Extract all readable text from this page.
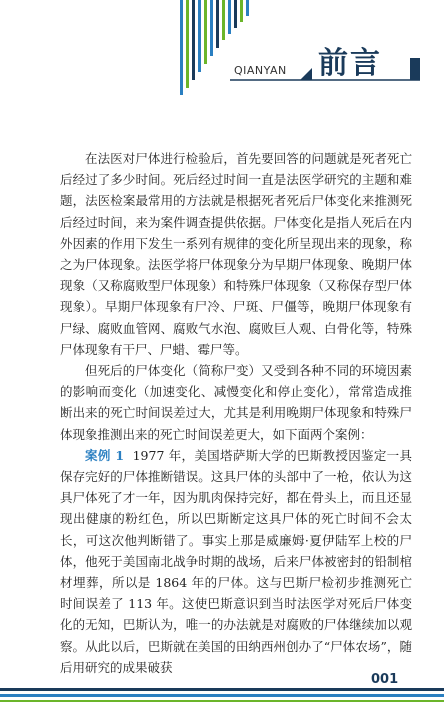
QIANYAN 前言

在法医对尸体进行检验后，首先要回答的问题就是死者死亡后经过了多少时间。死后经过时间一直是法医学研究的主题和难题，法医检案最常用的方法就是根据死者死后尸体变化来推测死后经过时间，来为案件调查提供依据。尸体变化是指人死后在内外因素的作用下发生一系列有规律的变化所呈现出来的现象，称之为尸体现象。法医学将尸体现象分为早期尸体现象、晚期尸体现象（又称腐败型尸体现象）和特殊尸体现象（又称保存型尸体现象）。早期尸体现象有尸冷、尸斑、尸僵等，晚期尸体现象有尸绿、腐败血管网、腐败气水泡、腐败巨人观、白骨化等，特殊尸体现象有干尸、尸蜡、霉尸等。

但死后的尸体变化（简称尸变）又受到各种不同的环境因素的影响而变化（加速变化、减慢变化和停止变化），常常造成推断出来的死亡时间误差过大，尤其是利用晚期尸体现象和特殊尸体现象推测出来的死亡时间误差更大，如下面两个案例：

案例 1 1977 年，美国塔萨斯大学的巴斯教授因鉴定一具保存完好的尸体推断错误。这具尸体的头部中了一枪，依认为这具尸体死了才一年，因为肌肉保持完好，都在骨头上，而且还显现出健康的粉红色，所以巴斯断定这具尸体的死亡时间不会太长，可这次他判断错了。事实上那是威廉姆·夏伊陆军上校的尸体，他死于美国南北战争时期的战场，后来尸体被密封的铅制棺材埋葬，所以是 1864 年的尸体。这与巴斯尸检初步推测死亡时间误差了 113 年。这使巴斯意识到当时法医学对死后尸体变化的无知，巴斯认为，唯一的办法就是对腐败的尸体继续加以观察。从此以后，巴斯就在美国的田纳西州创办了“尸体农场”，随后用研究的成果破获

001
